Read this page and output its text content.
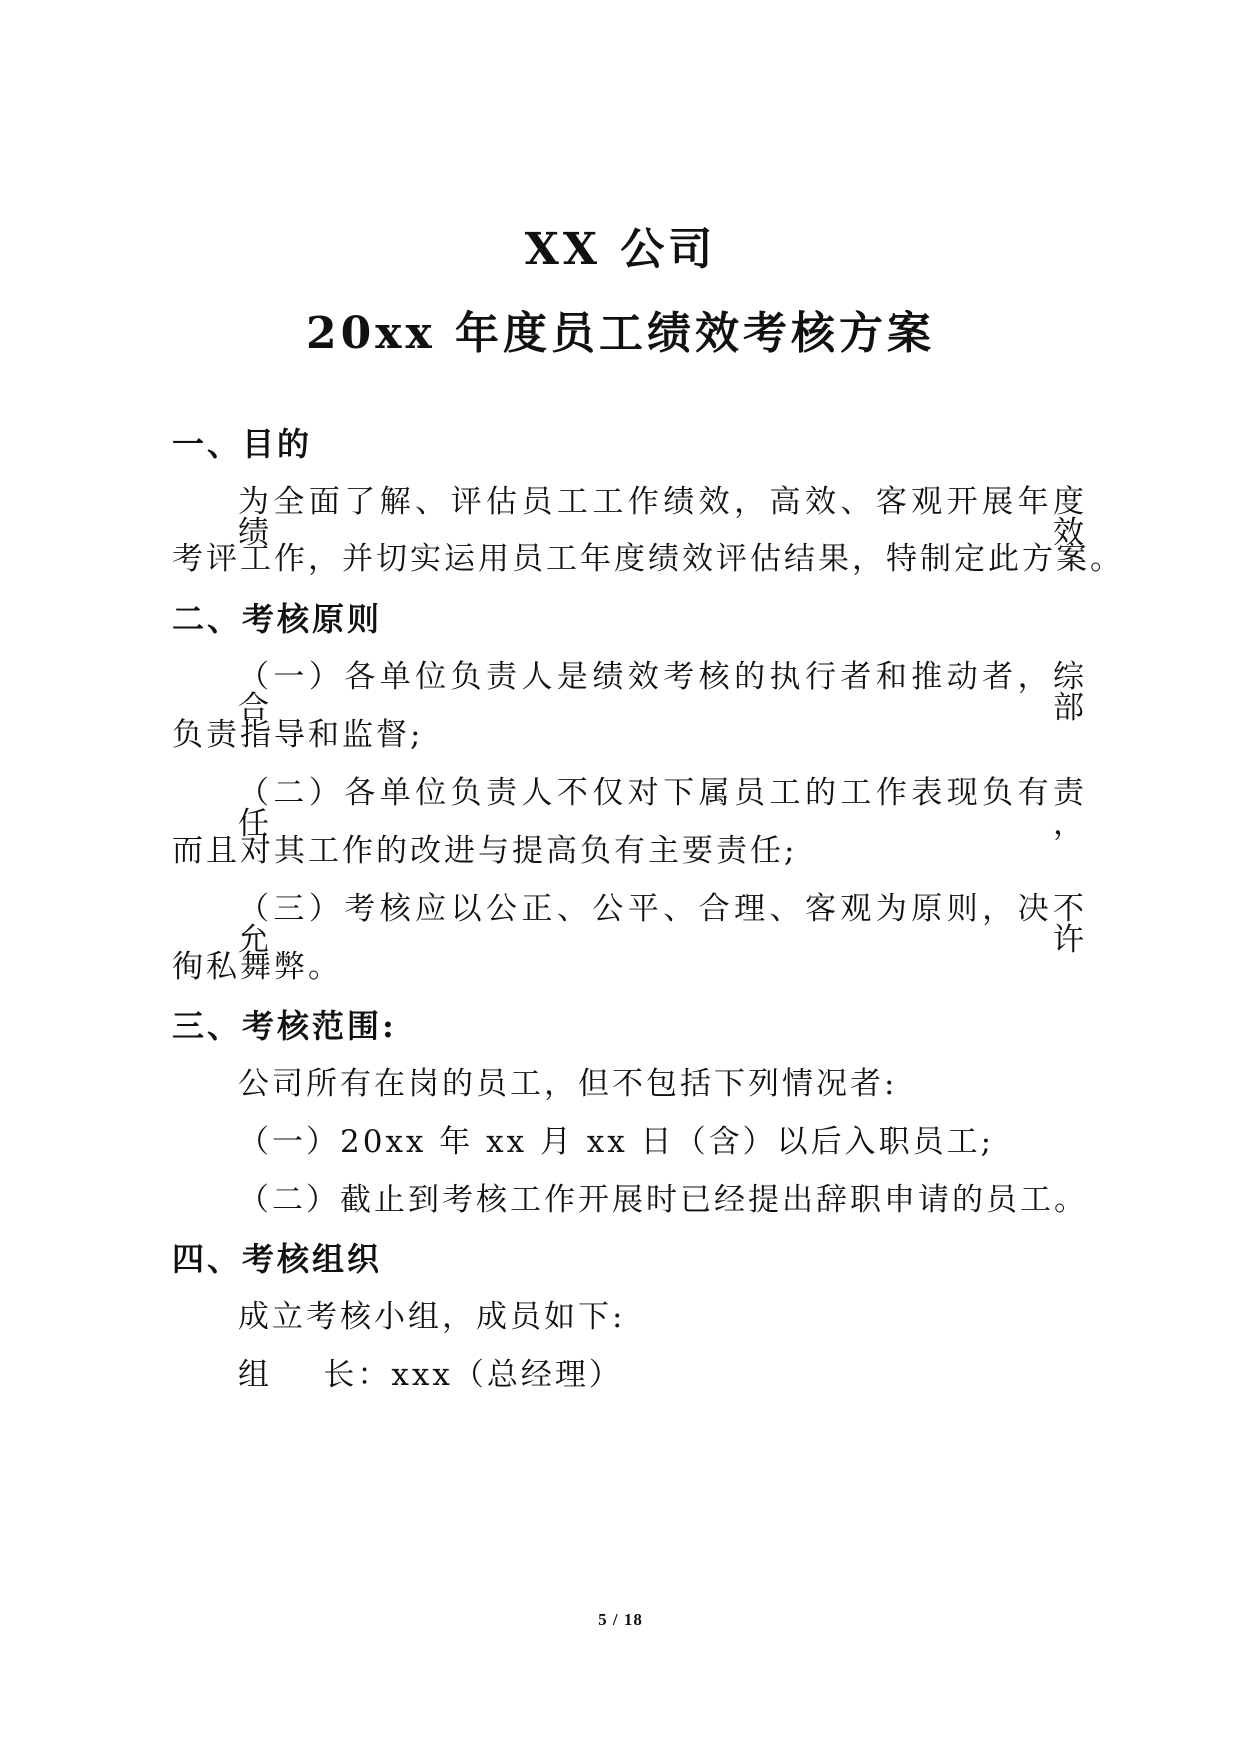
XX 公司
20xx 年度员工绩效考核方案
一、目的
为全面了解、评估员工工作绩效，高效、客观开展年度绩效
考评工作，并切实运用员工年度绩效评估结果，特制定此方案。
二、考核原则
（一）各单位负责人是绩效考核的执行者和推动者，综合部
负责指导和监督;
（二）各单位负责人不仅对下属员工的工作表现负有责任，
而且对其工作的改进与提高负有主要责任;
（三）考核应以公正、公平、合理、客观为原则，决不允许
徇私舞弊。
三、考核范围:
公司所有在岗的员工，但不包括下列情况者:
（一）20xx 年 xx 月 xx 日（含）以后入职员工;
（二）截止到考核工作开展时已经提出辞职申请的员工。
四、考核组织
成立考核小组，成员如下:
组    长：xxx（总经理）
5 / 18
